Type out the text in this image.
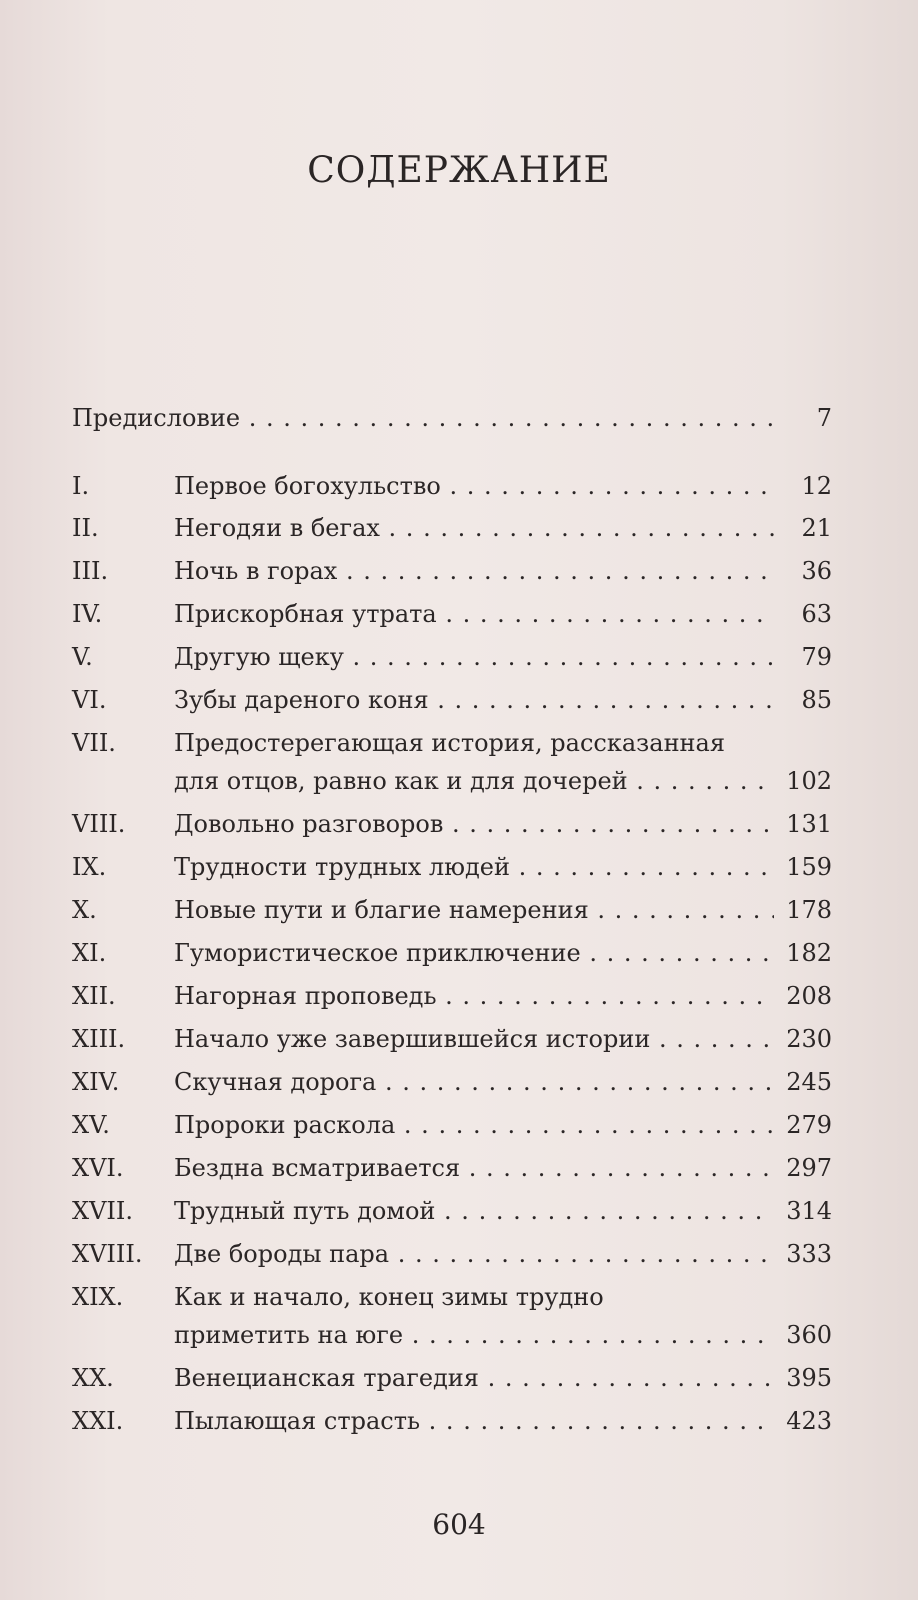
СОДЕРЖАНИЕ
Предисловие . . .	7
I.	Первое богохульство . . .	12
II.	Негодяи в бегах . . .	21
III.	Ночь в горах . . .	36
IV.	Прискорбная утрата . . .	63
V.	Другую щеку . . .	79
VI.	Зубы дареного коня . . .	85
VII. Предостерегающая история, рассказанная
для отцов, равно как и для дочерей . . .	102
VIII. Довольно разговоров . . .	131
IX.	Трудности трудных людей . . .	159
X.	Новые пути и благие намерения . . .	178
XI.	Гумористическое приключение . . .	182
XII. Нагорная проповедь . . .	208
XIII. Начало уже завершившейся истории . . .	230
XIV. Скучная дорога . . .	245
XV.	Пророки раскола . . .	279
XVI. Бездна всматривается . . .	297
XVII. Трудный путь домой . . .	314
XVIII. Две бороды пара . . .	333
XIX. Как и начало, конец зимы трудно
приметить на юге . . .	360
XX.	Венецианская трагедия . . .	395
XXI. Пылающая страсть . . .	423
604
